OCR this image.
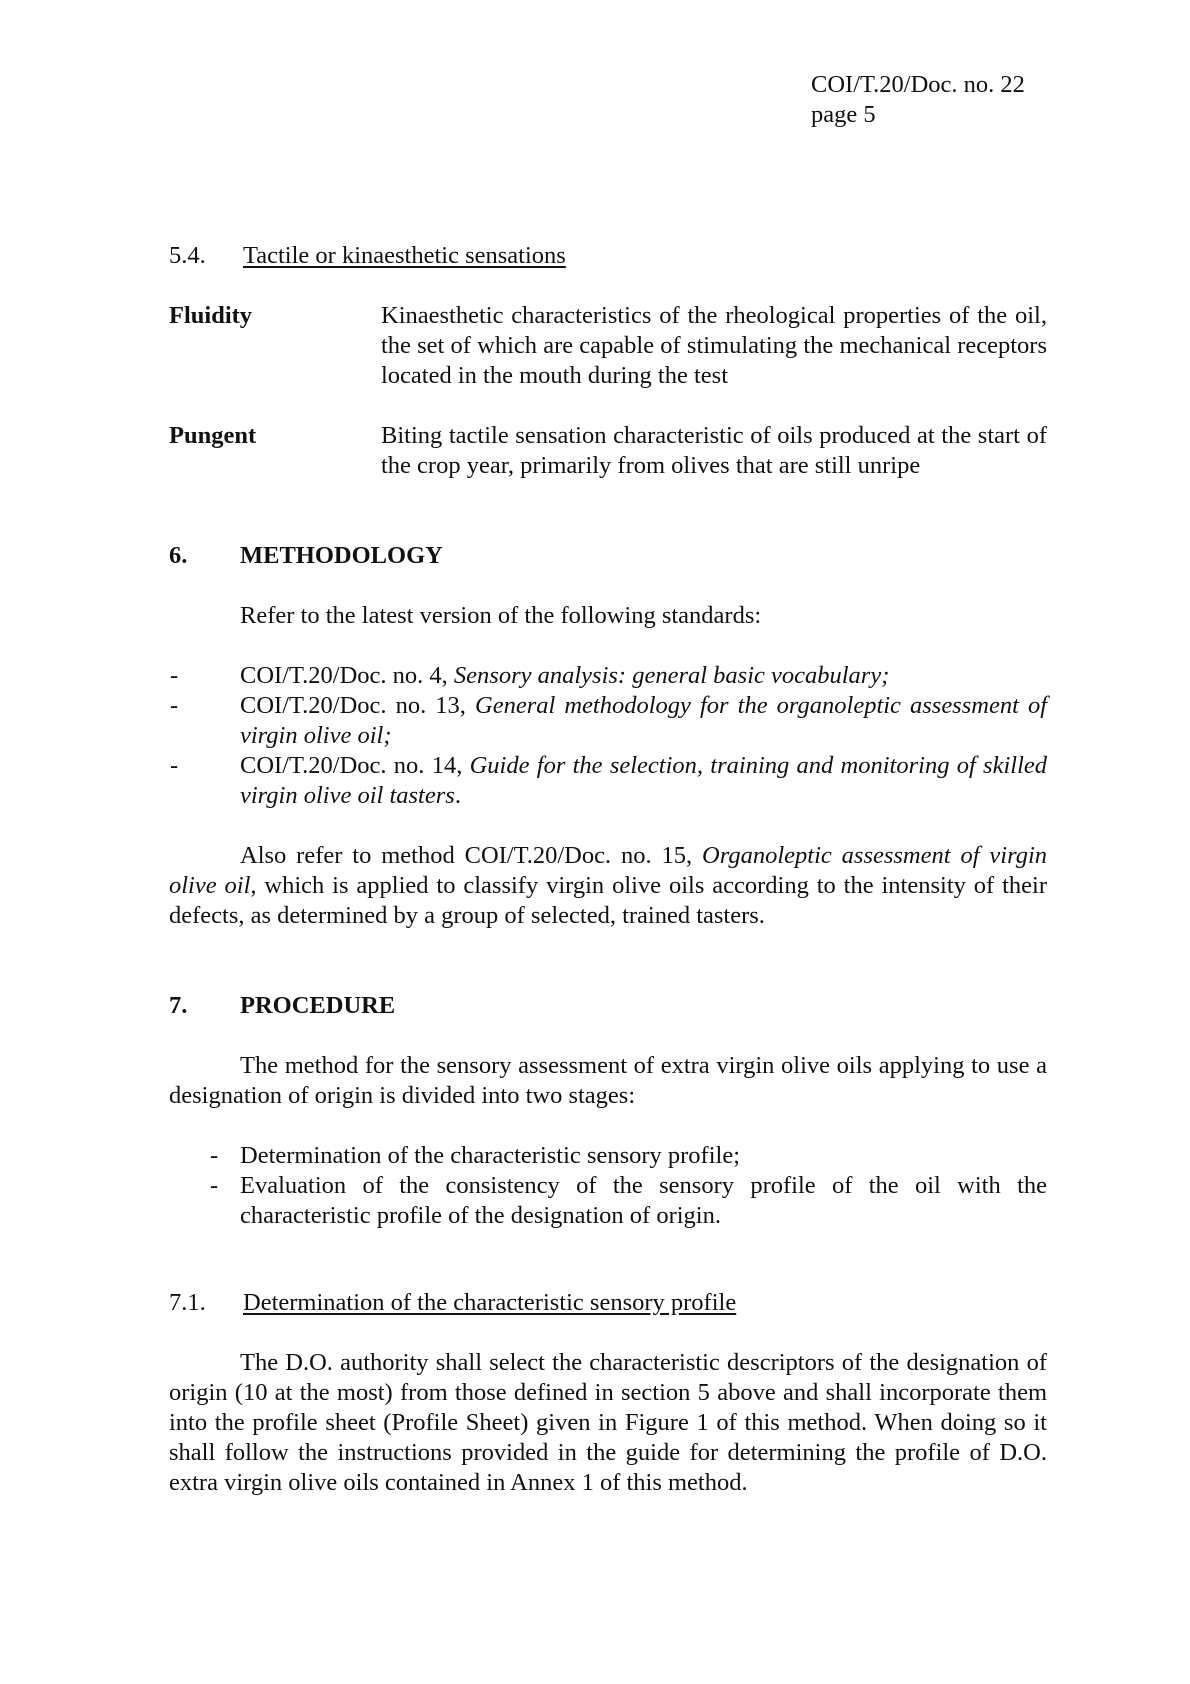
COI/T.20/Doc. no. 22
page 5
5.4. Tactile or kinaesthetic sensations
Fluidity	Kinaesthetic characteristics of the rheological properties of the oil, the set of which are capable of stimulating the mechanical receptors located in the mouth during the test
Pungent	Biting tactile sensation characteristic of oils produced at the start of the crop year, primarily from olives that are still unripe
6. METHODOLOGY
Refer to the latest version of the following standards:
-	COI/T.20/Doc. no. 4, Sensory analysis: general basic vocabulary;
-	COI/T.20/Doc. no. 13, General methodology for the organoleptic assessment of virgin olive oil;
-	COI/T.20/Doc. no. 14, Guide for the selection, training and monitoring of skilled virgin olive oil tasters.
Also refer to method COI/T.20/Doc. no. 15, Organoleptic assessment of virgin olive oil, which is applied to classify virgin olive oils according to the intensity of their defects, as determined by a group of selected, trained tasters.
7. PROCEDURE
The method for the sensory assessment of extra virgin olive oils applying to use a designation of origin is divided into two stages:
- Determination of the characteristic sensory profile;
- Evaluation of the consistency of the sensory profile of the oil with the characteristic profile of the designation of origin.
7.1. Determination of the characteristic sensory profile
The D.O. authority shall select the characteristic descriptors of the designation of origin (10 at the most) from those defined in section 5 above and shall incorporate them into the profile sheet (Profile Sheet) given in Figure 1 of this method. When doing so it shall follow the instructions provided in the guide for determining the profile of D.O. extra virgin olive oils contained in Annex 1 of this method.
